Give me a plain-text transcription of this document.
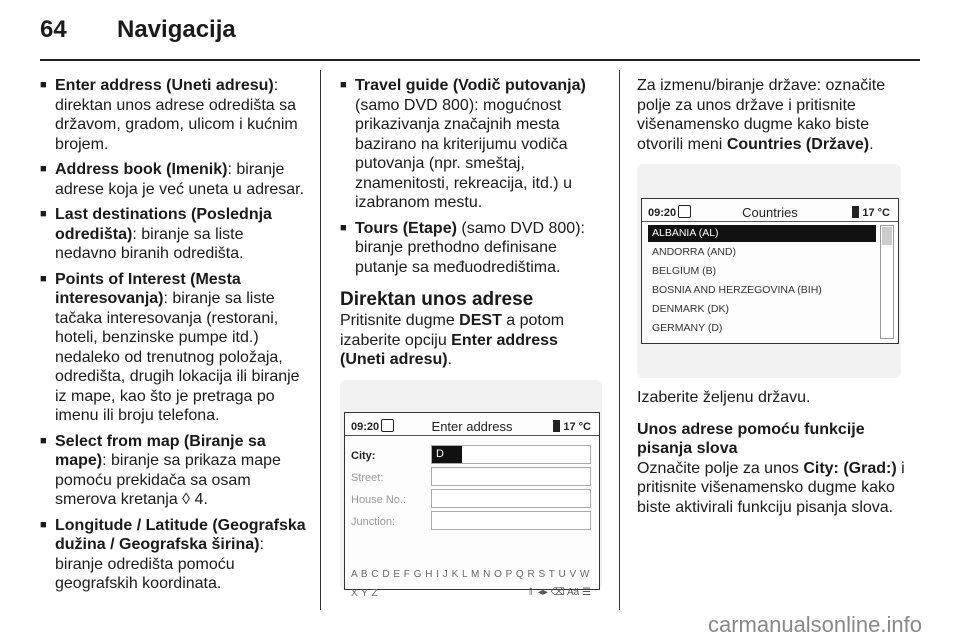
64 Navigacija
■ Enter address (Uneti adresu): direktan unos adrese odredišta sa državom, gradom, ulicom i kućnim brojem.
■ Address book (Imenik): biranje adrese koja je već uneta u adresar.
■ Last destinations (Poslednja odredišta): biranje sa liste nedavno biranih odredišta.
■ Points of Interest (Mesta interesovanja): biranje sa liste tačaka interesovanja (restorani, hoteli, benzinske pumpe itd.) nedaleko od trenutnog položaja, odredišta, drugih lokacija ili biranje iz mape, kao što je pretraga po imenu ili broju telefona.
■ Select from map (Biranje sa mape): biranje sa prikaza mape pomoću prekidača sa osam smerova kretanja ◊ 4.
■ Longitude / Latitude (Geografska dužina / Geografska širina): biranje odredišta pomoću geografskih koordinata.
■ Travel guide (Vodič putovanja) (samo DVD 800): mogućnost prikazivanja značajnih mesta bazirano na kriterijumu vodiča putovanja (npr. smeštaj, znamenitosti, rekreacija, itd.) u izabranom mestu.
■ Tours (Etape) (samo DVD 800): biranje prethodno definisane putanje sa međuodredištima.
Direktan unos adrese

Pritisnite dugme DEST a potom izaberite opciju Enter address (Uneti adresu).

09:20	Enter address	17 °C
City:	D
Street:
House No.:
Junction:
A B C D E F G H I J K L M N O P Q R S T U V W X Y Z	⇑ ◂▸ ⌫ Aä ☰

Za izmenu/biranje države: označite polje za unos države i pritisnite višenamensko dugme kako biste otvorili meni Countries (Države).

09:20	Countries	17 °C
ALBANIA (AL)
ANDORRA (AND)
BELGIUM (B)
BOSNIA AND HERZEGOVINA (BIH)
DENMARK (DK)
GERMANY (D)

Izaberite željenu državu.

Unos adrese pomoću funkcije pisanja slova

Označite polje za unos City: (Grad:) i pritisnite višenamensko dugme kako biste aktivirali funkciju pisanja slova.

carmanualsonline.info
